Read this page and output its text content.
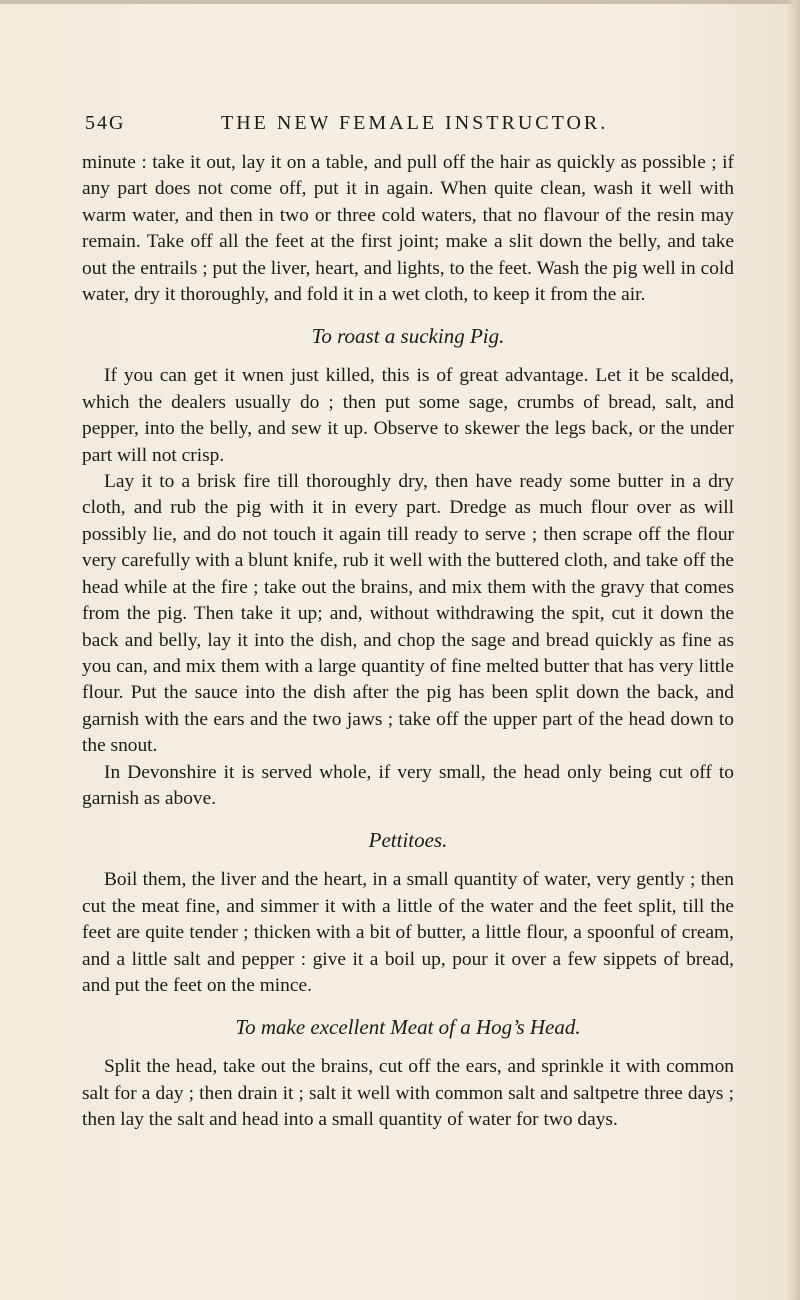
54G	THE NEW FEMALE INSTRUCTOR.

minute : take it out, lay it on a table, and pull off the hair as quickly as possible ; if any part does not come off, put it in again. When quite clean, wash it well with warm water, and then in two or three cold waters, that no flavour of the resin may remain. Take off all the feet at the first joint; make a slit down the belly, and take out the entrails ; put the liver, heart, and lights, to the feet. Wash the pig well in cold water, dry it thoroughly, and fold it in a wet cloth, to keep it from the air.

To roast a sucking Pig.

If you can get it wnen just killed, this is of great advantage. Let it be scalded, which the dealers usually do ; then put some sage, crumbs of bread, salt, and pepper, into the belly, and sew it up. Observe to skewer the legs back, or the under part will not crisp.

Lay it to a brisk fire till thoroughly dry, then have ready some butter in a dry cloth, and rub the pig with it in every part. Dredge as much flour over as will possibly lie, and do not touch it again till ready to serve ; then scrape off the flour very carefully with a blunt knife, rub it well with the buttered cloth, and take off the head while at the fire ; take out the brains, and mix them with the gravy that comes from the pig. Then take it up; and, without withdrawing the spit, cut it down the back and belly, lay it into the dish, and chop the sage and bread quickly as fine as you can, and mix them with a large quantity of fine melted butter that has very little flour. Put the sauce into the dish after the pig has been split down the back, and garnish with the ears and the two jaws ; take off the upper part of the head down to the snout.

In Devonshire it is served whole, if very small, the head only being cut off to garnish as above.

Pettitoes.

Boil them, the liver and the heart, in a small quantity of water, very gently ; then cut the meat fine, and simmer it with a little of the water and the feet split, till the feet are quite tender ; thicken with a bit of butter, a little flour, a spoonful of cream, and a little salt and pepper : give it a boil up, pour it over a few sippets of bread, and put the feet on the mince.

To make excellent Meat of a Hog’s Head.

Split the head, take out the brains, cut off the ears, and sprinkle it with common salt for a day ; then drain it ; salt it well with common salt and saltpetre three days ; then lay the salt and head into a small quantity of water for two days.
